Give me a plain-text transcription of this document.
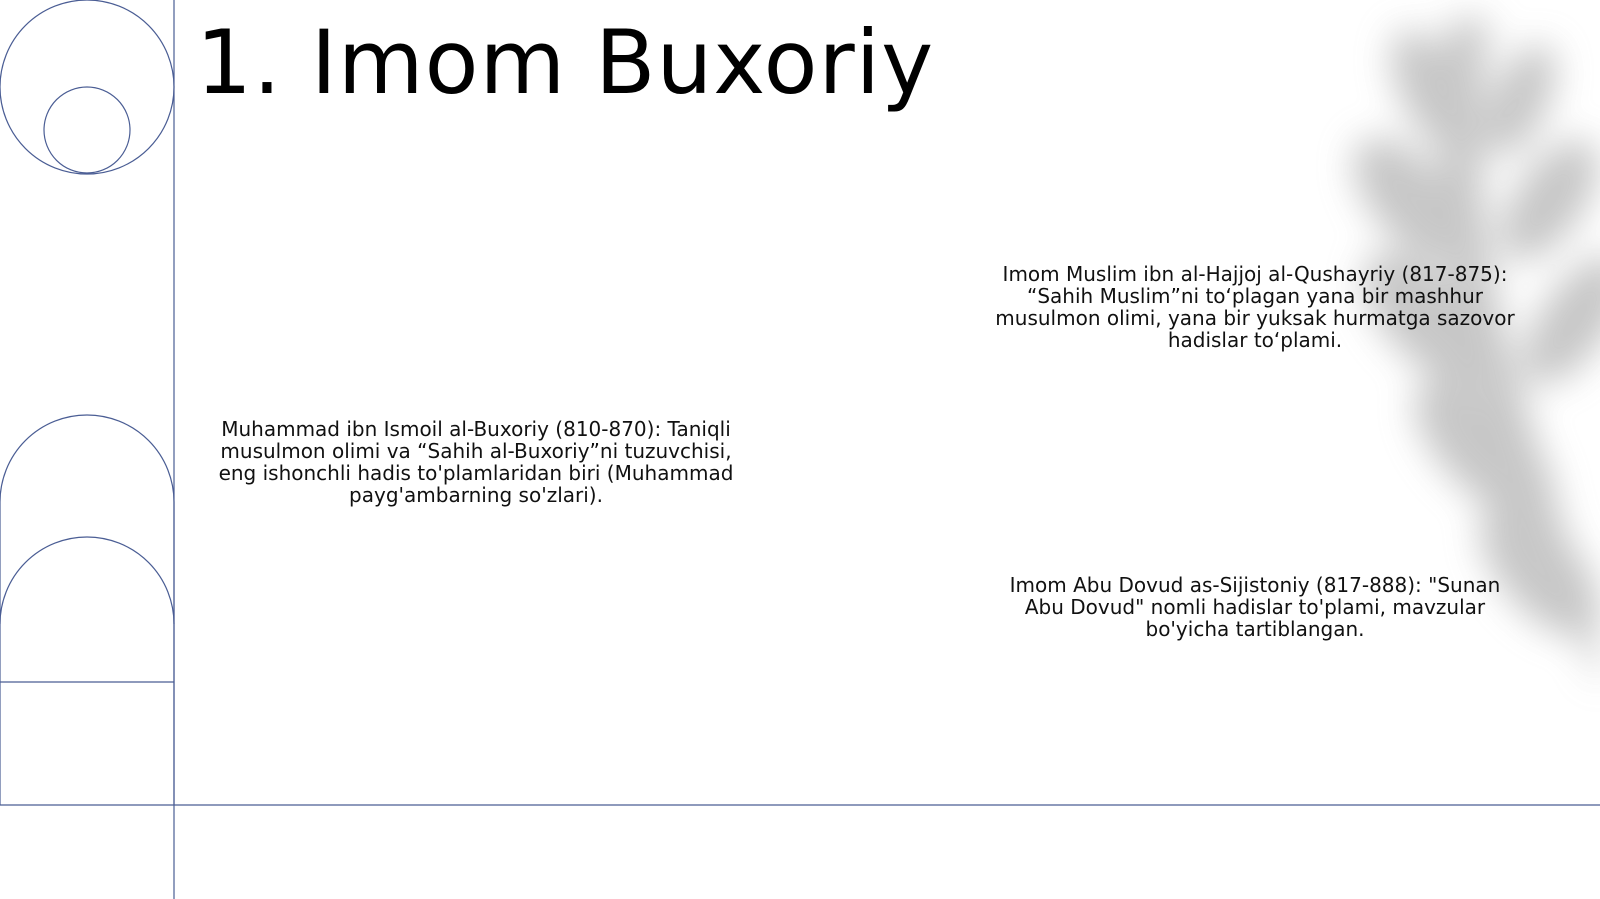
1. Imom Buxoriy

Muhammad ibn Ismoil al-Buxoriy (810-870): Taniqli musulmon olimi va “Sahih al-Buxoriy”ni tuzuvchisi, eng ishonchli hadis to'plamlaridan biri (Muhammad payg'ambarning so'zlari).

Imom Muslim ibn al-Hajjoj al-Qushayriy (817-875): “Sahih Muslim”ni to‘plagan yana bir mashhur musulmon olimi, yana bir yuksak hurmatga sazovor hadislar to‘plami.

Imom Abu Dovud as-Sijistoniy (817-888): "Sunan Abu Dovud" nomli hadislar to'plami, mavzular bo'yicha tartiblangan.
